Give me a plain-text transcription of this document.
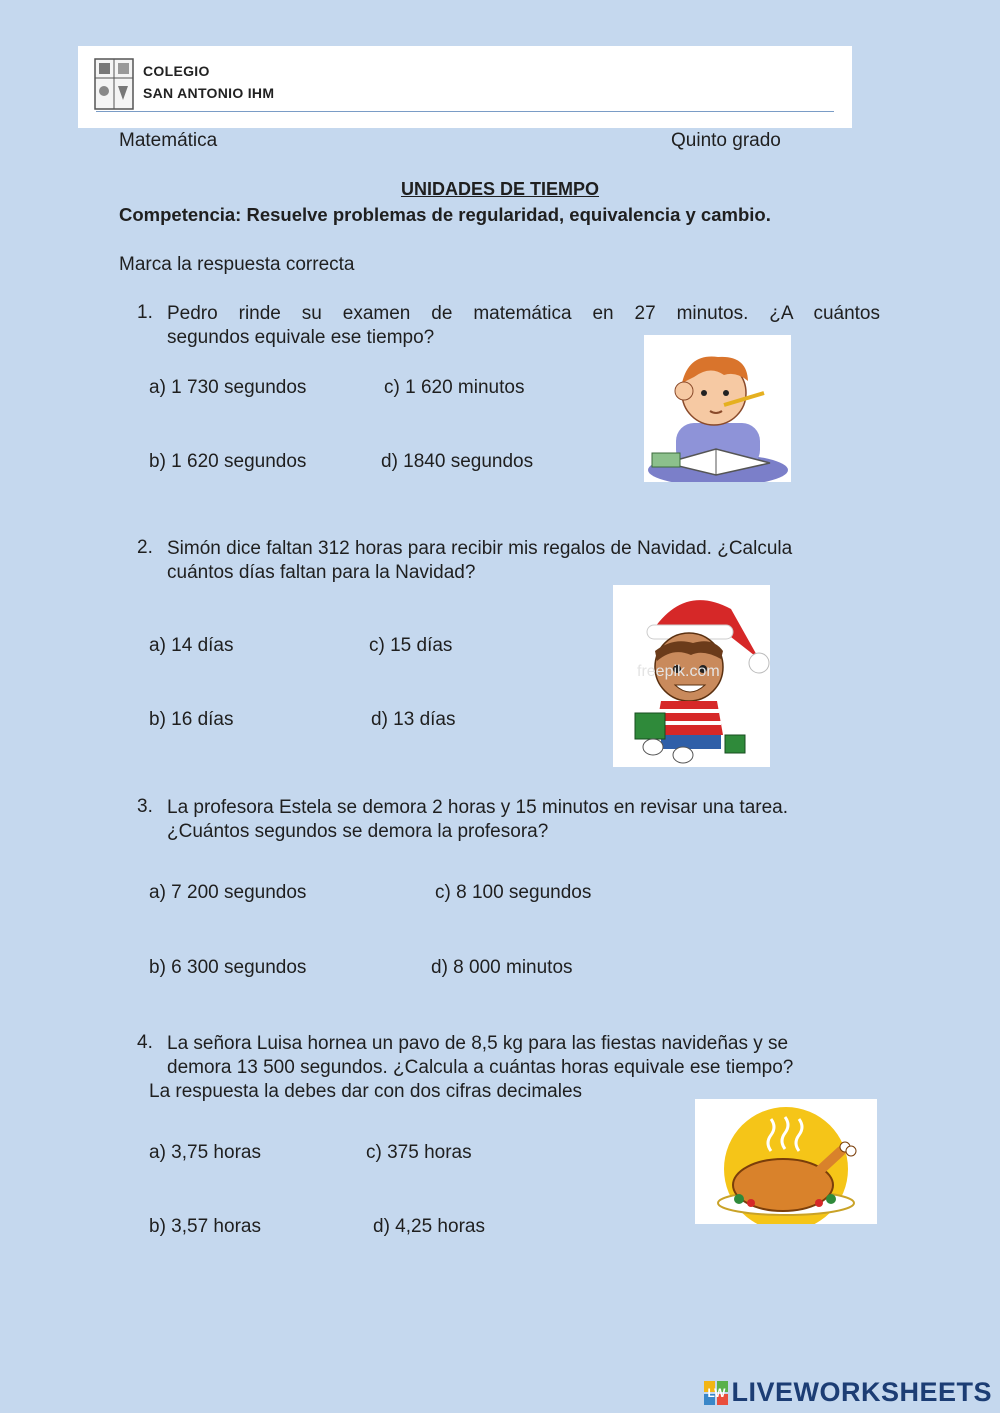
COLEGIO
SAN ANTONIO IHM
Matemática	Quinto grado
UNIDADES DE TIEMPO
Competencia: Resuelve problemas de regularidad, equivalencia y cambio.
Marca la respuesta correcta
1. Pedro rinde su examen de matemática en 27 minutos. ¿A cuántos
segundos equivale ese tiempo?
a) 1 730 segundos	c) 1 620 minutos
b) 1 620 segundos	d) 1840 segundos
2. Simón dice faltan 312 horas para recibir mis regalos de Navidad. ¿Calcula
cuántos días faltan para la Navidad?
a) 14 días	c) 15 días
b) 16 días	d) 13 días
freepik.com
3. La profesora Estela se demora 2 horas y 15 minutos en revisar una tarea.
¿Cuántos segundos se demora la profesora?
a) 7 200 segundos	c) 8 100 segundos
b) 6 300 segundos	d) 8 000 minutos
4. La señora Luisa hornea un pavo de 8,5 kg para las fiestas navideñas y se
demora 13 500 segundos. ¿Calcula a cuántas horas equivale ese tiempo?
La respuesta la debes dar con dos cifras decimales
a) 3,75 horas	c) 375 horas
b) 3,57 horas	d) 4,25 horas
LW LIVEWORKSHEETS
